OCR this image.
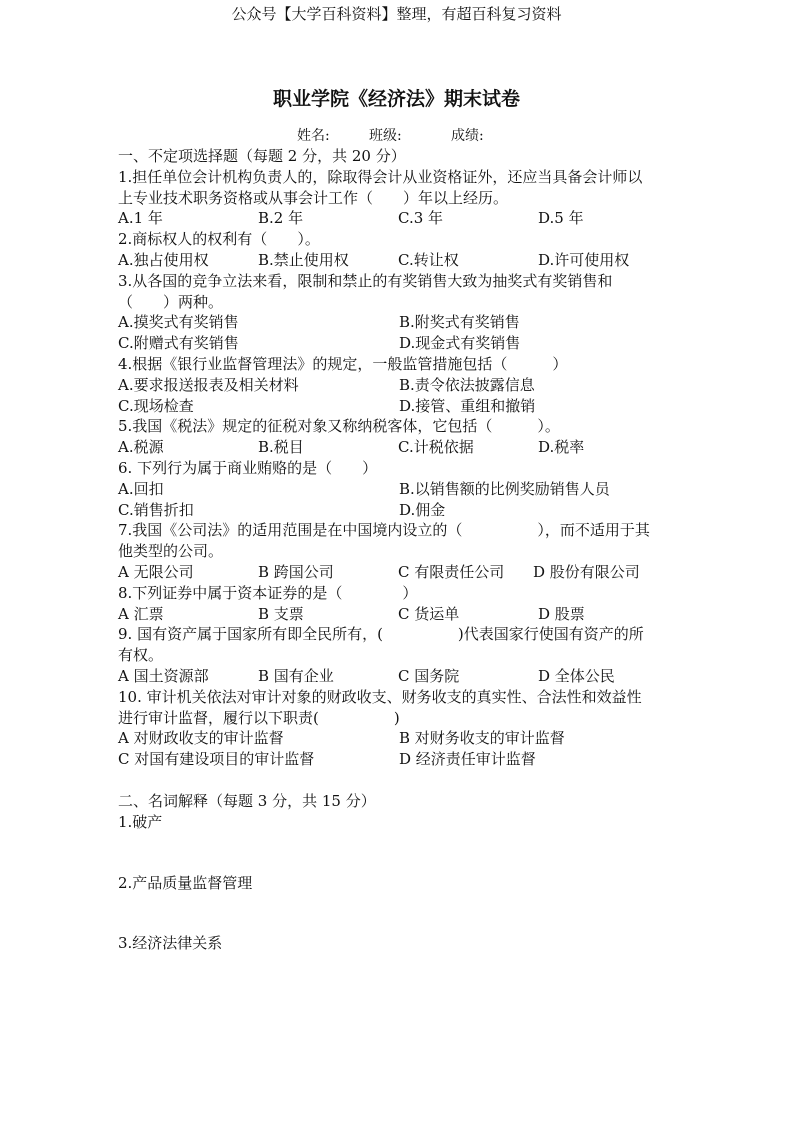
公众号【大学百科资料】整理，有超百科复习资料
职业学院《经济法》期末试卷
姓名:	班级:	成绩:
一、不定项选择题（每题 2 分，共 20 分）
1.担任单位会计机构负责人的，除取得会计从业资格证外，还应当具备会计师以
上专业技术职务资格或从事会计工作（　　）年以上经历。
A.1 年	B.2 年	C.3 年	D.5 年
2.商标权人的权利有（　　）。
A.独占使用权	B.禁止使用权	C.转让权	D.许可使用权
3.从各国的竞争立法来看，限制和禁止的有奖销售大致为抽奖式有奖销售和
（　　）两种。
A.摸奖式有奖销售	B.附奖式有奖销售
C.附赠式有奖销售	D.现金式有奖销售
4.根据《银行业监督管理法》的规定，一般监管措施包括（　　　）
A.要求报送报表及相关材料	B.责令依法披露信息
C.现场检查	D.接管、重组和撤销
5.我国《税法》规定的征税对象又称纳税客体，它包括（　　　）。
A.税源	B.税目	C.计税依据	D.税率
6. 下列行为属于商业贿赂的是（　　）
A.回扣	B.以销售额的比例奖励销售人员
C.销售折扣	D.佣金
7.我国《公司法》的适用范围是在中国境内设立的（　　　　　），而不适用于其
他类型的公司。
A 无限公司	B 跨国公司	C 有限责任公司	D 股份有限公司
8.下列证券中属于资本证券的是（　　　　）
A 汇票	B 支票	C 货运单	D 股票
9. 国有资产属于国家所有即全民所有，(　　　　　)代表国家行使国有资产的所
有权。
A 国土资源部	B 国有企业	C 国务院	D 全体公民
10. 审计机关依法对审计对象的财政收支、财务收支的真实性、合法性和效益性
进行审计监督，履行以下职责(　　　　　)
A 对财政收支的审计监督	B 对财务收支的审计监督
C 对国有建设项目的审计监督	D 经济责任审计监督
二、名词解释（每题 3 分，共 15 分）
1.破产
2.产品质量监督管理
3.经济法律关系
